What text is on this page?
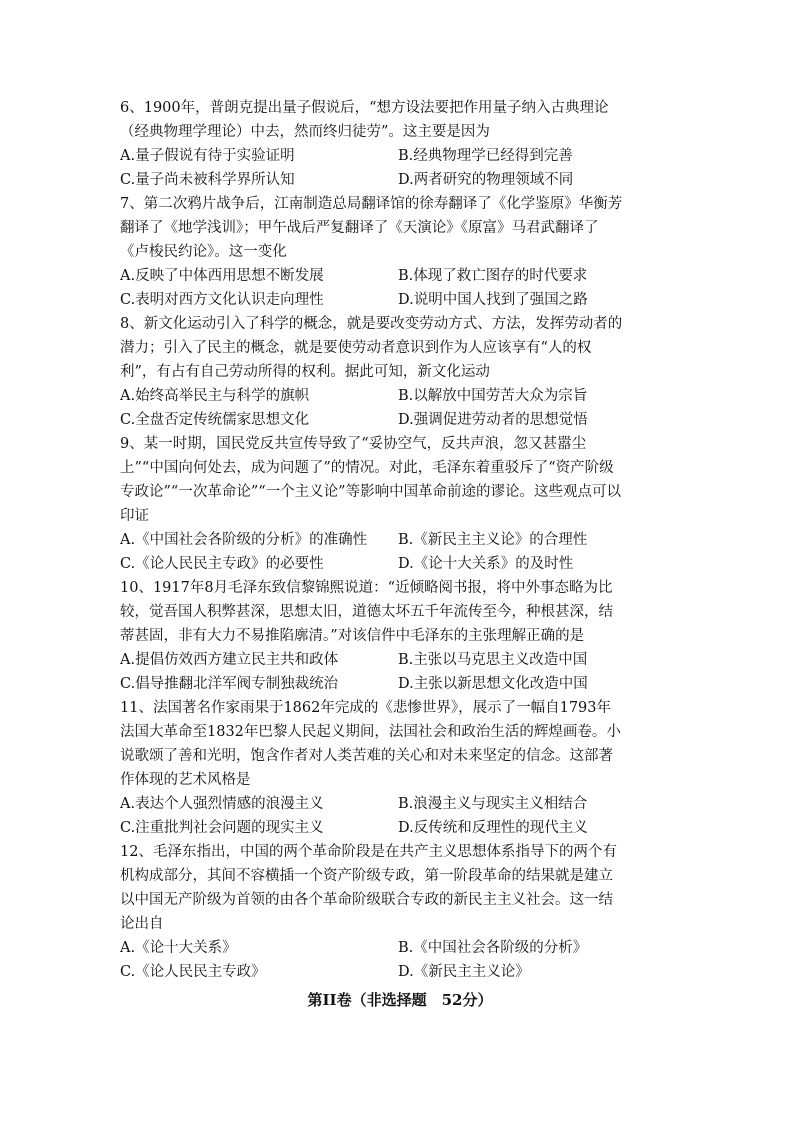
6、1900年，普朗克提出量子假说后，“想方设法要把作用量子纳入古典理论
（经典物理学理论）中去，然而终归徒劳”。这主要是因为
A.量子假说有待于实验证明	B.经典物理学已经得到完善
C.量子尚未被科学界所认知	D.两者研究的物理领域不同
7、第二次鸦片战争后，江南制造总局翻译馆的徐寿翻译了《化学鉴原》华衡芳
翻译了《地学浅训》；甲午战后严复翻译了《天演论》《原富》马君武翻译了
《卢梭民约论》。这一变化
A.反映了中体西用思想不断发展	B.体现了救亡图存的时代要求
C.表明对西方文化认识走向理性	D.说明中国人找到了强国之路
8、新文化运动引入了科学的概念，就是要改变劳动方式、方法，发挥劳动者的
潜力；引入了民主的概念，就是要使劳动者意识到作为人应该享有“人的权
利”，有占有自己劳动所得的权利。据此可知，新文化运动
A.始终高举民主与科学的旗帜	B.以解放中国劳苦大众为宗旨
C.全盘否定传统儒家思想文化	D.强调促进劳动者的思想觉悟
9、某一时期，国民党反共宣传导致了“妥协空气，反共声浪，忽又甚嚣尘
上”“中国向何处去，成为问题了”的情况。对此，毛泽东着重驳斥了“资产阶级
专政论”“一次革命论”“一个主义论”等影响中国革命前途的谬论。这些观点可以
印证
A.《中国社会各阶级的分析》的准确性	B.《新民主主义论》的合理性
C.《论人民民主专政》的必要性	D.《论十大关系》的及时性
10、1917年8月毛泽东致信黎锦熙说道：“近倾略阅书报，将中外事态略为比
较，觉吾国人积弊甚深，思想太旧，道德太坏五千年流传至今，种根甚深，结
蒂甚固，非有大力不易推陷廓清。”对该信件中毛泽东的主张理解正确的是
A.提倡仿效西方建立民主共和政体	B.主张以马克思主义改造中国
C.倡导推翻北洋军阀专制独裁统治	D.主张以新思想文化改造中国
11、法国著名作家雨果于1862年完成的《悲惨世界》，展示了一幅自1793年
法国大革命至1832年巴黎人民起义期间，法国社会和政治生活的辉煌画卷。小
说歌颂了善和光明，饱含作者对人类苦难的关心和对未来坚定的信念。这部著
作体现的艺术风格是
A.表达个人强烈情感的浪漫主义	B.浪漫主义与现实主义相结合
C.注重批判社会问题的现实主义	D.反传统和反理性的现代主义
12、毛泽东指出，中国的两个革命阶段是在共产主义思想体系指导下的两个有
机构成部分，其间不容横插一个资产阶级专政，第一阶段革命的结果就是建立
以中国无产阶级为首领的由各个革命阶级联合专政的新民主主义社会。这一结
论出自
A.《论十大关系》	B.《中国社会各阶级的分析》
C.《论人民民主专政》	D.《新民主主义论》
第II卷（非选择题　52分）
